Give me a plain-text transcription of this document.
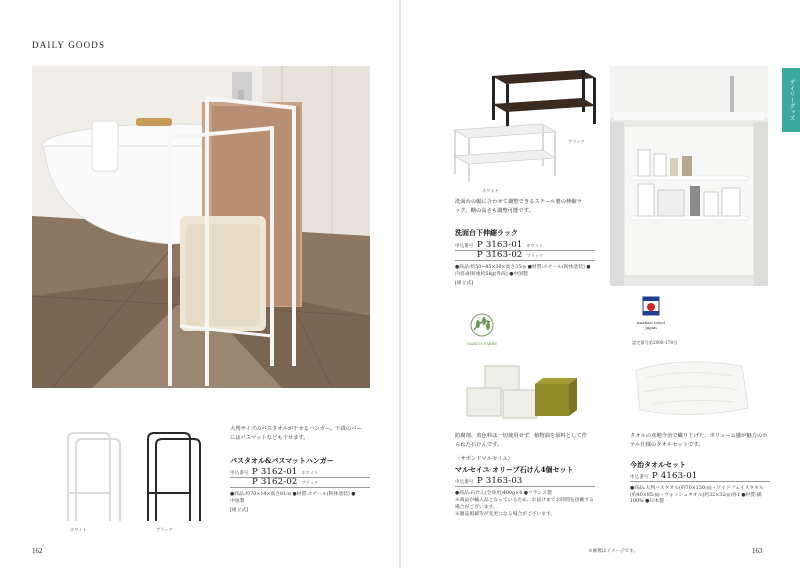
DAILY GOODS
ホワイト	ブラック
大判サイズのバスタオルが干せるハンガー。下段のバーにはバスマットなども干せます。
バスタオル&バスマットハンガー
申込番号 P 3162-01 ホワイト
P 3162-02 ブラック
●商品:約70×14×高さ81㎝ ●材質:スチール(粉体塗装) ●中国製
[組立式]
162
ブラック
ホワイト
デイリーグッズ
洗面台の幅に合わせて調整できるスチール製の伸縮ラック。棚の高さも調整可能です。
洗面台下伸縮ラック
申込番号 P 3163-01 ホワイト
P 3163-02 ブラック
●商品:約50~85×30×高さ35㎝ ●材質:スチール(粉体塗装) ●内容:耐荷重約5kg(各段) ●中国製
[組立式]
MARIUS FABRE
防腐剤、着色料は一切使用せず、植物油を原料として作られた石けんです。
〈サボンドマルセイユ〉
マルセイユ オリーブ石けん4個セット
申込番号 P 3163-03
●商品:石けん(全身用)400g×4 ●フランス製
※商品が輸入品となっているため、お届けまでお時間を頂戴する場合がございます。
※雑誌掲載等が変更になる場合がございます。
imabari towel
Japan
認定番号第2008-178号
タオルの産地今治で織り上げた、ボリューム感が魅力のホテル仕様のタオルセットです。
今治タオルセット
申込番号 P 4163-01
●商品:大判バスタオル(約70×150㎝)・ワイドフェイスタオル(約40×85㎝)・ウォッシュタオル(約32×32㎝)各1 ●材質:綿100% ●日本製
※画像はイメージです。	163
